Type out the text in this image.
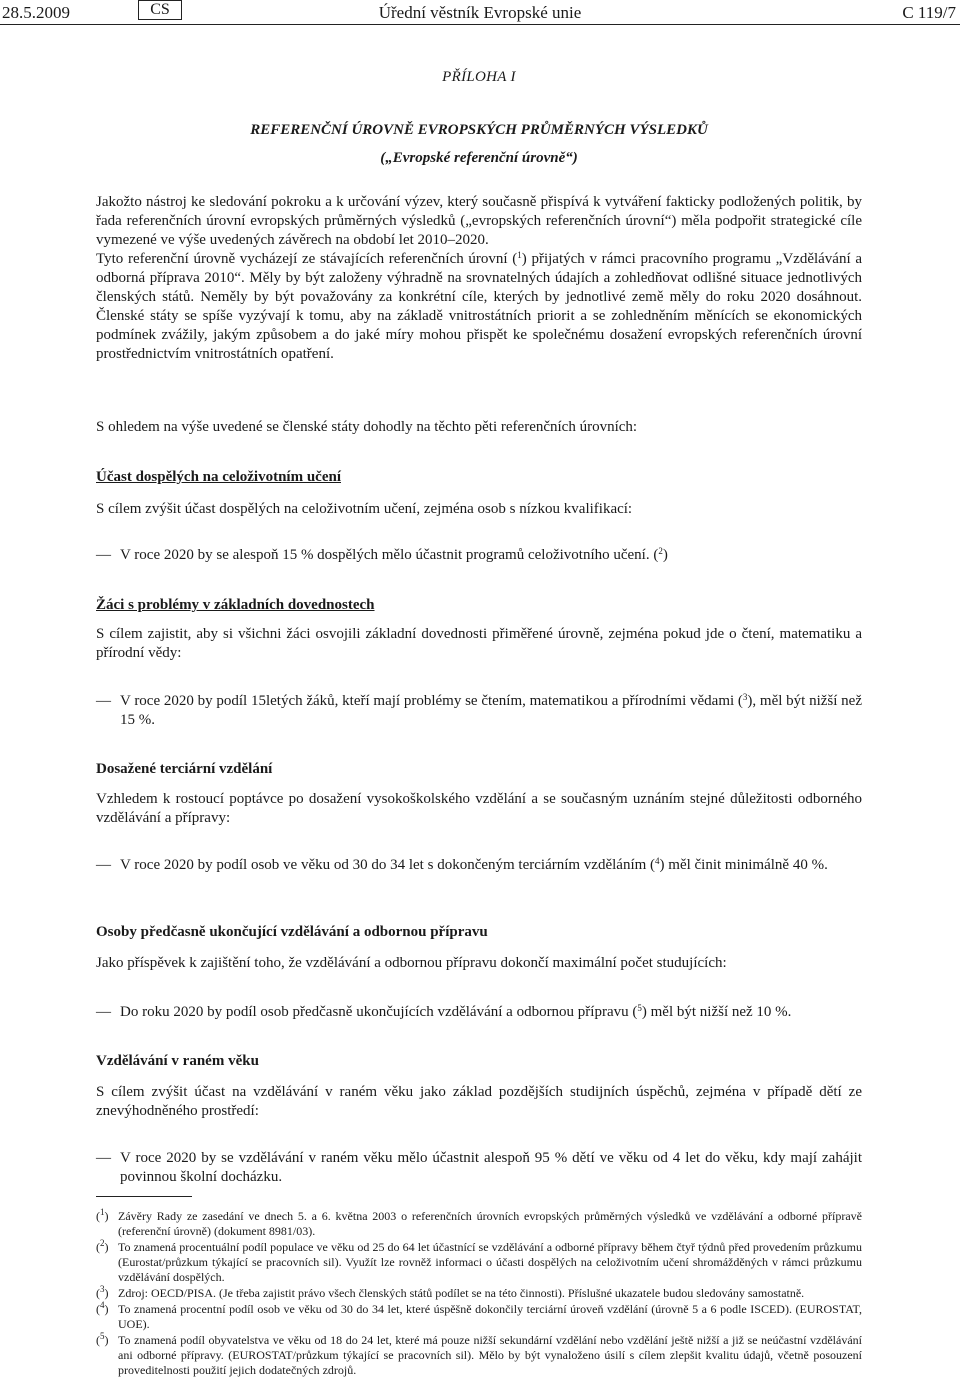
28.5.2009	CS	Úřední věstník Evropské unie	C 119/7
PŘÍLOHA I
REFERENČNÍ ÚROVNĚ EVROPSKÝCH PRŮMĚRNÝCH VÝSLEDKŮ
(„Evropské referenční úrovně“)

Jakožto nástroj ke sledování pokroku a k určování výzev, který současně přispívá k vytváření fakticky podložených politik, by řada referenčních úrovní evropských průměrných výsledků („evropských referenčních úrovní“) měla podpořit strategické cíle vymezené ve výše uvedených závěrech na období let 2010–2020.

Tyto referenční úrovně vycházejí ze stávajících referenčních úrovní ($^1$) přijatých v rámci pracovního programu „Vzdělávání a odborná příprava 2010“. Měly by být založeny výhradně na srovnatelných údajích a zohledňovat odlišné situace jednotlivých členských států. Neměly by být považovány za konkrétní cíle, kterých by jednotlivé země měly do roku 2020 dosáhnout. Členské státy se spíše vyzývají k tomu, aby na základě vnitrostátních priorit a se zohledněním měnících se ekonomických podmínek zvážily, jakým způsobem a do jaké míry mohou přispět ke společnému dosažení evropských referenčních úrovní prostřednictvím vnitrostátních opatření.

S ohledem na výše uvedené se členské státy dohodly na těchto pěti referenčních úrovních:

Účast dospělých na celoživotním učení

S cílem zvýšit účast dospělých na celoživotním učení, zejména osob s nízkou kvalifikací:

— V roce 2020 by se alespoň 15 % dospělých mělo účastnit programů celoživotního učení. ($^2$)

Žáci s problémy v základních dovednostech

S cílem zajistit, aby si všichni žáci osvojili základní dovednosti přiměřené úrovně, zejména pokud jde o čtení, matematiku a přírodní vědy:

— V roce 2020 by podíl 15letých žáků, kteří mají problémy se čtením, matematikou a přírodními vědami ($^3$), měl být nižší než 15 %.

Dosažené terciární vzdělání

Vzhledem k rostoucí poptávce po dosažení vysokoškolského vzdělání a se současným uznáním stejné důležitosti odborného vzdělávání a přípravy:

— V roce 2020 by podíl osob ve věku od 30 do 34 let s dokončeným terciárním vzděláním ($^4$) měl činit minimálně 40 %.

Osoby předčasně ukončující vzdělávání a odbornou přípravu

Jako příspěvek k zajištění toho, že vzdělávání a odbornou přípravu dokončí maximální počet studujících:

— Do roku 2020 by podíl osob předčasně ukončujících vzdělávání a odbornou přípravu ($^5$) měl být nižší než 10 %.

Vzdělávání v raném věku

S cílem zvýšit účast na vzdělávání v raném věku jako základ pozdějších studijních úspěchů, zejména v případě dětí ze znevýhodněného prostředí:

— V roce 2020 by se vzdělávání v raném věku mělo účastnit alespoň 95 % dětí ve věku od 4 let do věku, kdy mají zahájit povinnou školní docházku.

($^1$) Závěry Rady ze zasedání ve dnech 5. a 6. května 2003 o referenčních úrovních evropských průměrných výsledků ve vzdělávání a odborné přípravě (referenční úrovně) (dokument 8981/03).

($^2$) To znamená procentuální podíl populace ve věku od 25 do 64 let účastnící se vzdělávání a odborné přípravy během čtyř týdnů před provedením průzkumu (Eurostat/průzkum týkající se pracovních sil). Využít lze rovněž informaci o účasti dospělých na celoživotním učení shromážděných v rámci průzkumu vzdělávání dospělých.

($^3$) Zdroj: OECD/PISA. (Je třeba zajistit právo všech členských států podílet se na této činnosti). Příslušné ukazatele budou sledovány samostatně.

($^4$) To znamená procentní podíl osob ve věku od 30 do 34 let, které úspěšně dokončily terciární úroveň vzdělání (úrovně 5 a 6 podle ISCED). (EUROSTAT, UOE).

($^5$) To znamená podíl obyvatelstva ve věku od 18 do 24 let, které má pouze nižší sekundární vzdělání nebo vzdělání ještě nižší a již se neúčastní vzdělávání ani odborné přípravy. (EUROSTAT/průzkum týkající se pracovních sil). Mělo by být vynaloženo úsilí s cílem zlepšit kvalitu údajů, včetně posouzení proveditelnosti použití jejich dodatečných zdrojů.
